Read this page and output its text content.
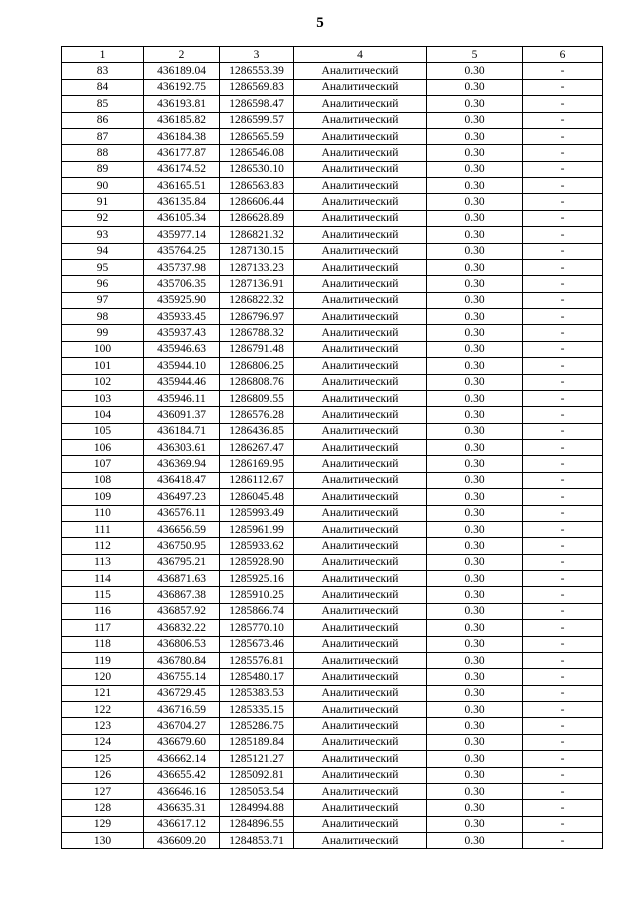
5
1	2	3	4	5	6
83	436189.04	1286553.39	Аналитический	0.30	-
84	436192.75	1286569.83	Аналитический	0.30	-
85	436193.81	1286598.47	Аналитический	0.30	-
86	436185.82	1286599.57	Аналитический	0.30	-
87	436184.38	1286565.59	Аналитический	0.30	-
88	436177.87	1286546.08	Аналитический	0.30	-
89	436174.52	1286530.10	Аналитический	0.30	-
90	436165.51	1286563.83	Аналитический	0.30	-
91	436135.84	1286606.44	Аналитический	0.30	-
92	436105.34	1286628.89	Аналитический	0.30	-
93	435977.14	1286821.32	Аналитический	0.30	-
94	435764.25	1287130.15	Аналитический	0.30	-
95	435737.98	1287133.23	Аналитический	0.30	-
96	435706.35	1287136.91	Аналитический	0.30	-
97	435925.90	1286822.32	Аналитический	0.30	-
98	435933.45	1286796.97	Аналитический	0.30	-
99	435937.43	1286788.32	Аналитический	0.30	-
100	435946.63	1286791.48	Аналитический	0.30	-
101	435944.10	1286806.25	Аналитический	0.30	-
102	435944.46	1286808.76	Аналитический	0.30	-
103	435946.11	1286809.55	Аналитический	0.30	-
104	436091.37	1286576.28	Аналитический	0.30	-
105	436184.71	1286436.85	Аналитический	0.30	-
106	436303.61	1286267.47	Аналитический	0.30	-
107	436369.94	1286169.95	Аналитический	0.30	-
108	436418.47	1286112.67	Аналитический	0.30	-
109	436497.23	1286045.48	Аналитический	0.30	-
110	436576.11	1285993.49	Аналитический	0.30	-
111	436656.59	1285961.99	Аналитический	0.30	-
112	436750.95	1285933.62	Аналитический	0.30	-
113	436795.21	1285928.90	Аналитический	0.30	-
114	436871.63	1285925.16	Аналитический	0.30	-
115	436867.38	1285910.25	Аналитический	0.30	-
116	436857.92	1285866.74	Аналитический	0.30	-
117	436832.22	1285770.10	Аналитический	0.30	-
118	436806.53	1285673.46	Аналитический	0.30	-
119	436780.84	1285576.81	Аналитический	0.30	-
120	436755.14	1285480.17	Аналитический	0.30	-
121	436729.45	1285383.53	Аналитический	0.30	-
122	436716.59	1285335.15	Аналитический	0.30	-
123	436704.27	1285286.75	Аналитический	0.30	-
124	436679.60	1285189.84	Аналитический	0.30	-
125	436662.14	1285121.27	Аналитический	0.30	-
126	436655.42	1285092.81	Аналитический	0.30	-
127	436646.16	1285053.54	Аналитический	0.30	-
128	436635.31	1284994.88	Аналитический	0.30	-
129	436617.12	1284896.55	Аналитический	0.30	-
130	436609.20	1284853.71	Аналитический	0.30	-
